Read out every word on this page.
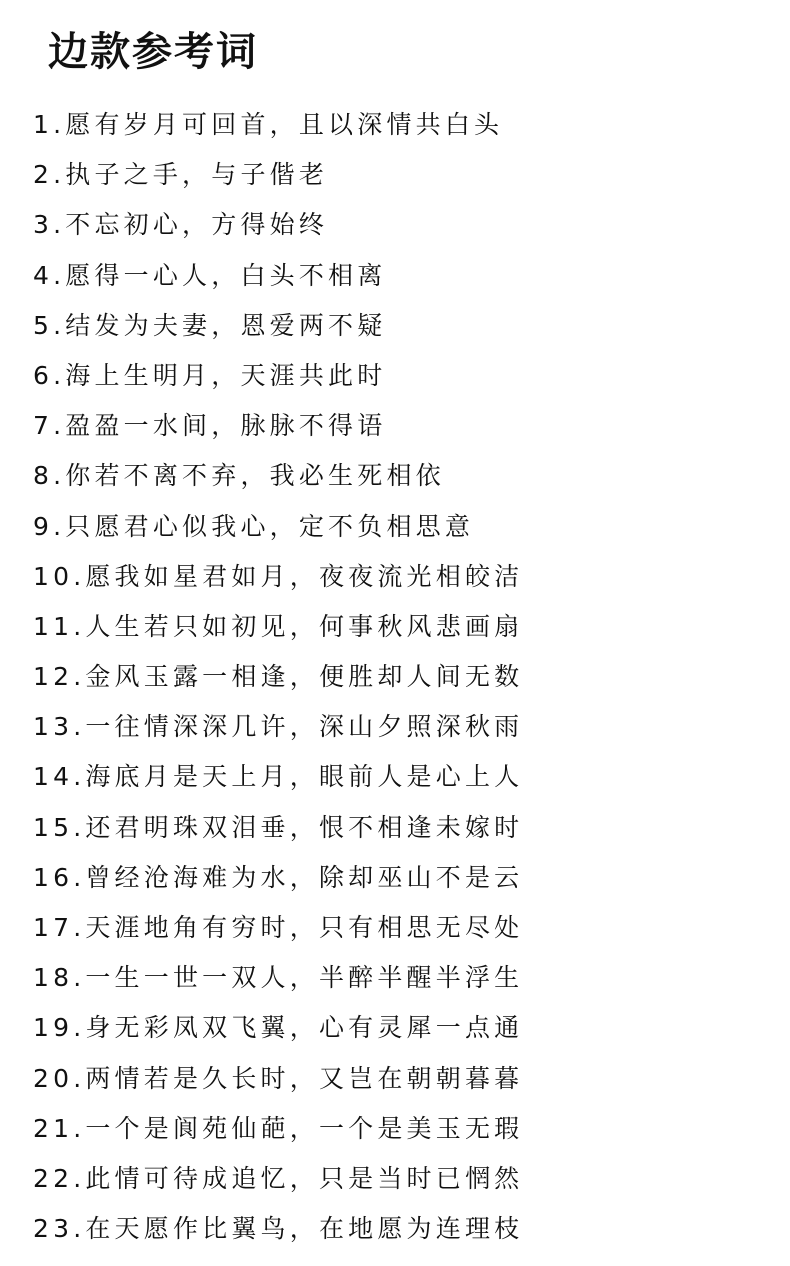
边款参考词
1.愿有岁月可回首，且以深情共白头
2.执子之手，与子偕老
3.不忘初心，方得始终
4.愿得一心人，白头不相离
5.结发为夫妻，恩爱两不疑
6.海上生明月，天涯共此时
7.盈盈一水间，脉脉不得语
8.你若不离不弃，我必生死相依
9.只愿君心似我心，定不负相思意
10.愿我如星君如月，夜夜流光相皎洁
11.人生若只如初见，何事秋风悲画扇
12.金风玉露一相逢，便胜却人间无数
13.一往情深深几许，深山夕照深秋雨
14.海底月是天上月，眼前人是心上人
15.还君明珠双泪垂，恨不相逢未嫁时
16.曾经沧海难为水，除却巫山不是云
17.天涯地角有穷时，只有相思无尽处
18.一生一世一双人，半醉半醒半浮生
19.身无彩凤双飞翼，心有灵犀一点通
20.两情若是久长时，又岂在朝朝暮暮
21.一个是阆苑仙葩，一个是美玉无瑕
22.此情可待成追忆，只是当时已惘然
23.在天愿作比翼鸟，在地愿为连理枝
